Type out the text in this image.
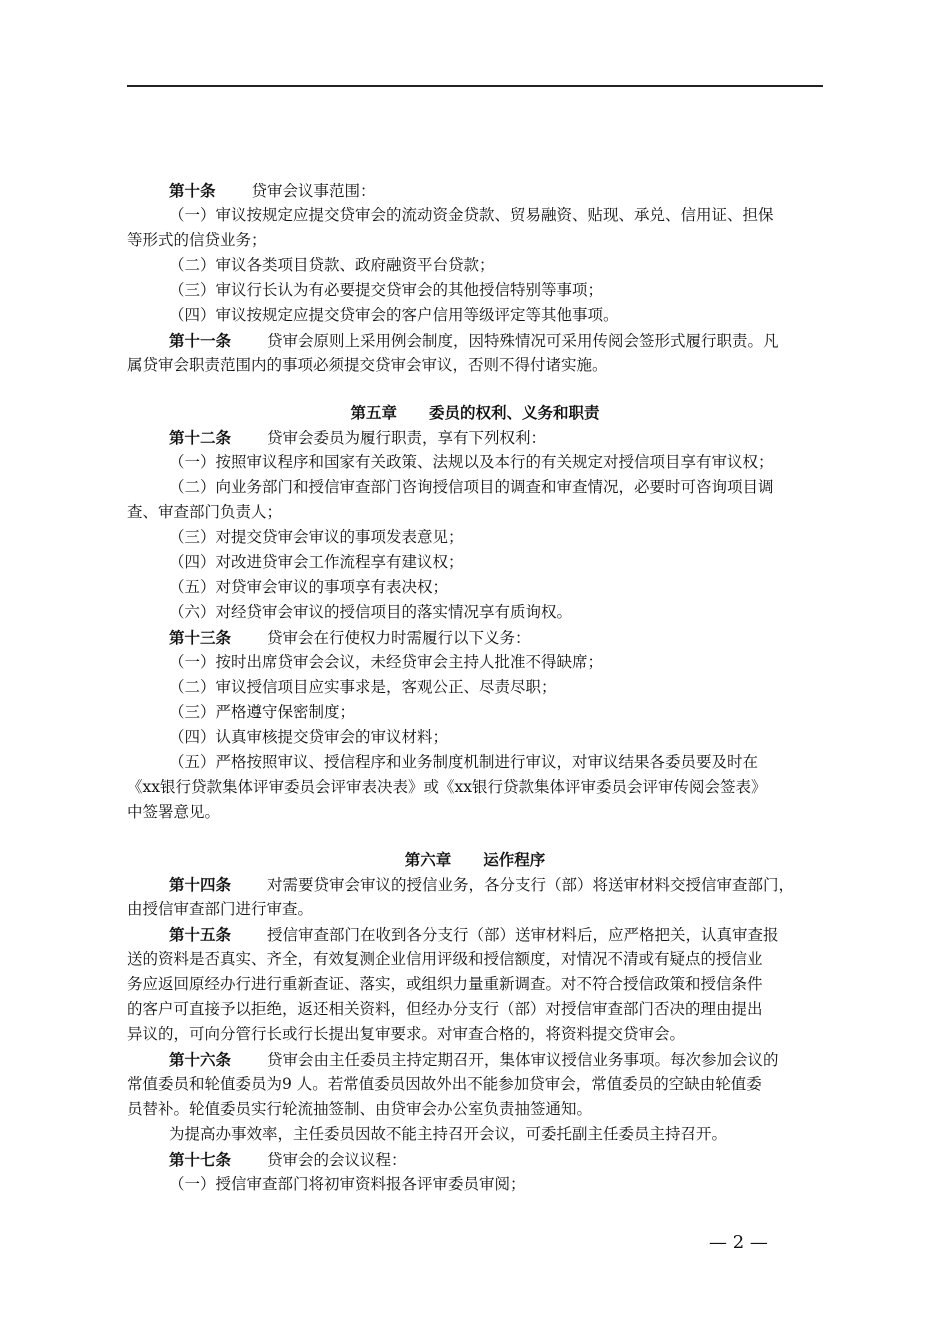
第十条 贷审会议事范围：
（一）审议按规定应提交贷审会的流动资金贷款、贸易融资、贴现、承兑、信用证、担保
等形式的信贷业务；
（二）审议各类项目贷款、政府融资平台贷款；
（三）审议行长认为有必要提交贷审会的其他授信特别等事项；
（四）审议按规定应提交贷审会的客户信用等级评定等其他事项。
第十一条 贷审会原则上采用例会制度，因特殊情况可采用传阅会签形式履行职责。凡
属贷审会职责范围内的事项必须提交贷审会审议，否则不得付诸实施。
第五章 委员的权利、义务和职责
第十二条 贷审会委员为履行职责，享有下列权利：
（一）按照审议程序和国家有关政策、法规以及本行的有关规定对授信项目享有审议权；
（二）向业务部门和授信审查部门咨询授信项目的调查和审查情况，必要时可咨询项目调
查、审查部门负责人；
（三）对提交贷审会审议的事项发表意见；
（四）对改进贷审会工作流程享有建议权；
（五）对贷审会审议的事项享有表决权；
（六）对经贷审会审议的授信项目的落实情况享有质询权。
第十三条 贷审会在行使权力时需履行以下义务：
（一）按时出席贷审会会议，未经贷审会主持人批准不得缺席；
（二）审议授信项目应实事求是，客观公正、尽责尽职；
（三）严格遵守保密制度；
（四）认真审核提交贷审会的审议材料；
（五）严格按照审议、授信程序和业务制度机制进行审议，对审议结果各委员要及时在
《xx银行贷款集体评审委员会评审表决表》或《xx银行贷款集体评审委员会评审传阅会签表》
中签署意见。
第六章 运作程序
第十四条 对需要贷审会审议的授信业务，各分支行（部）将送审材料交授信审查部门，
由授信审查部门进行审查。
第十五条 授信审查部门在收到各分支行（部）送审材料后，应严格把关，认真审查报
送的资料是否真实、齐全，有效复测企业信用评级和授信额度，对情况不清或有疑点的授信业
务应返回原经办行进行重新查证、落实，或组织力量重新调查。对不符合授信政策和授信条件
的客户可直接予以拒绝，返还相关资料，但经办分支行（部）对授信审查部门否决的理由提出
异议的，可向分管行长或行长提出复审要求。对审查合格的，将资料提交贷审会。
第十六条 贷审会由主任委员主持定期召开，集体审议授信业务事项。每次参加会议的
常值委员和轮值委员为9 人。若常值委员因故外出不能参加贷审会，常值委员的空缺由轮值委
员替补。轮值委员实行轮流抽签制、由贷审会办公室负责抽签通知。
为提高办事效率，主任委员因故不能主持召开会议，可委托副主任委员主持召开。
第十七条 贷审会的会议议程：
（一）授信审查部门将初审资料报各评审委员审阅；
— 2 —
